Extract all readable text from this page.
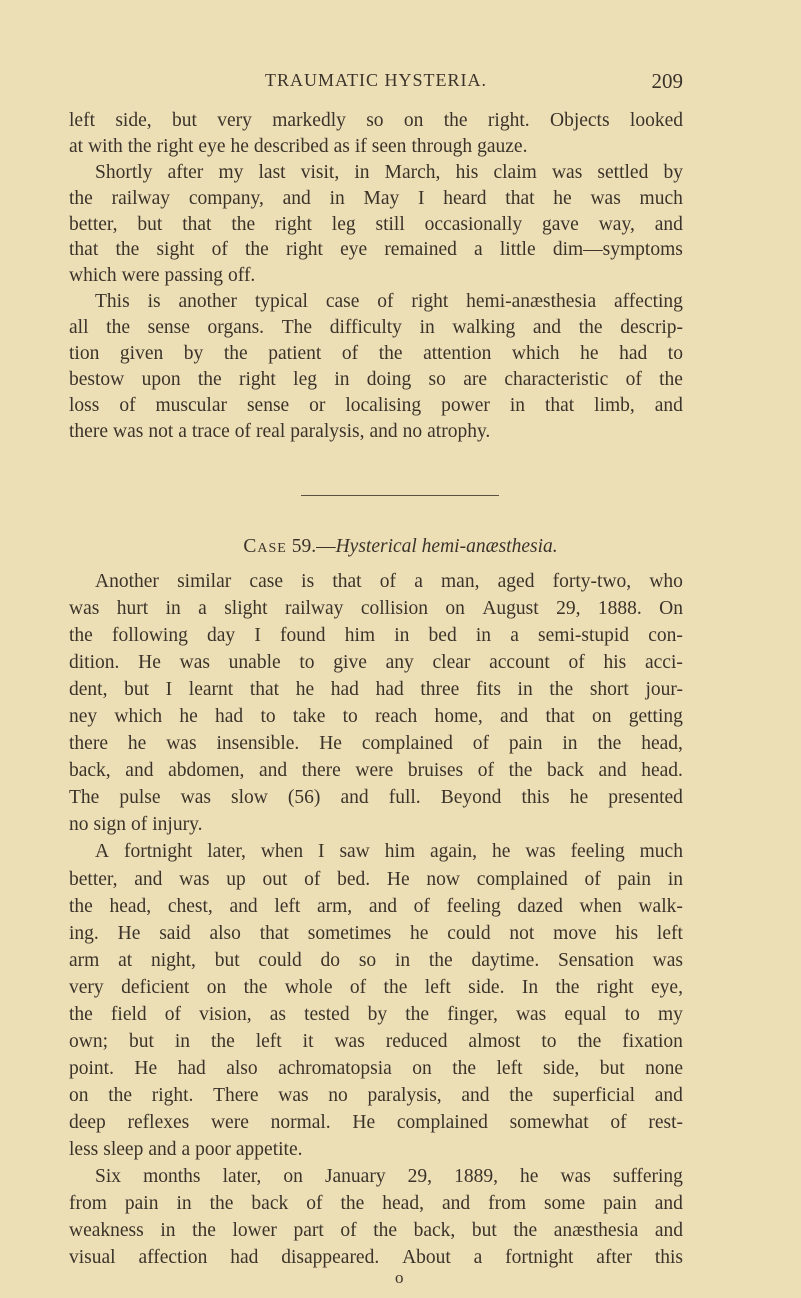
TRAUMATIC HYSTERIA.	209
left side, but very markedly so on the right. Objects looked
at with the right eye he described as if seen through gauze.
Shortly after my last visit, in March, his claim was settled by
the railway company, and in May I heard that he was much
better, but that the right leg still occasionally gave way, and
that the sight of the right eye remained a little dim—symptoms
which were passing off.
This is another typical case of right hemi-anæsthesia affecting
all the sense organs. The difficulty in walking and the descrip-
tion given by the patient of the attention which he had to
bestow upon the right leg in doing so are characteristic of the
loss of muscular sense or localising power in that limb, and
there was not a trace of real paralysis, and no atrophy.
Case 59.—Hysterical hemi-anæsthesia.
Another similar case is that of a man, aged forty-two, who
was hurt in a slight railway collision on August 29, 1888. On
the following day I found him in bed in a semi-stupid con-
dition. He was unable to give any clear account of his acci-
dent, but I learnt that he had had three fits in the short jour-
ney which he had to take to reach home, and that on getting
there he was insensible. He complained of pain in the head,
back, and abdomen, and there were bruises of the back and head.
The pulse was slow (56) and full. Beyond this he presented
no sign of injury.
A fortnight later, when I saw him again, he was feeling much
better, and was up out of bed. He now complained of pain in
the head, chest, and left arm, and of feeling dazed when walk-
ing. He said also that sometimes he could not move his left
arm at night, but could do so in the daytime. Sensation was
very deficient on the whole of the left side. In the right eye,
the field of vision, as tested by the finger, was equal to my
own; but in the left it was reduced almost to the fixation
point. He had also achromatopsia on the left side, but none
on the right. There was no paralysis, and the superficial and
deep reflexes were normal. He complained somewhat of rest-
less sleep and a poor appetite.
Six months later, on January 29, 1889, he was suffering
from pain in the back of the head, and from some pain and
weakness in the lower part of the back, but the anæsthesia and
visual affection had disappeared. About a fortnight after this
o
